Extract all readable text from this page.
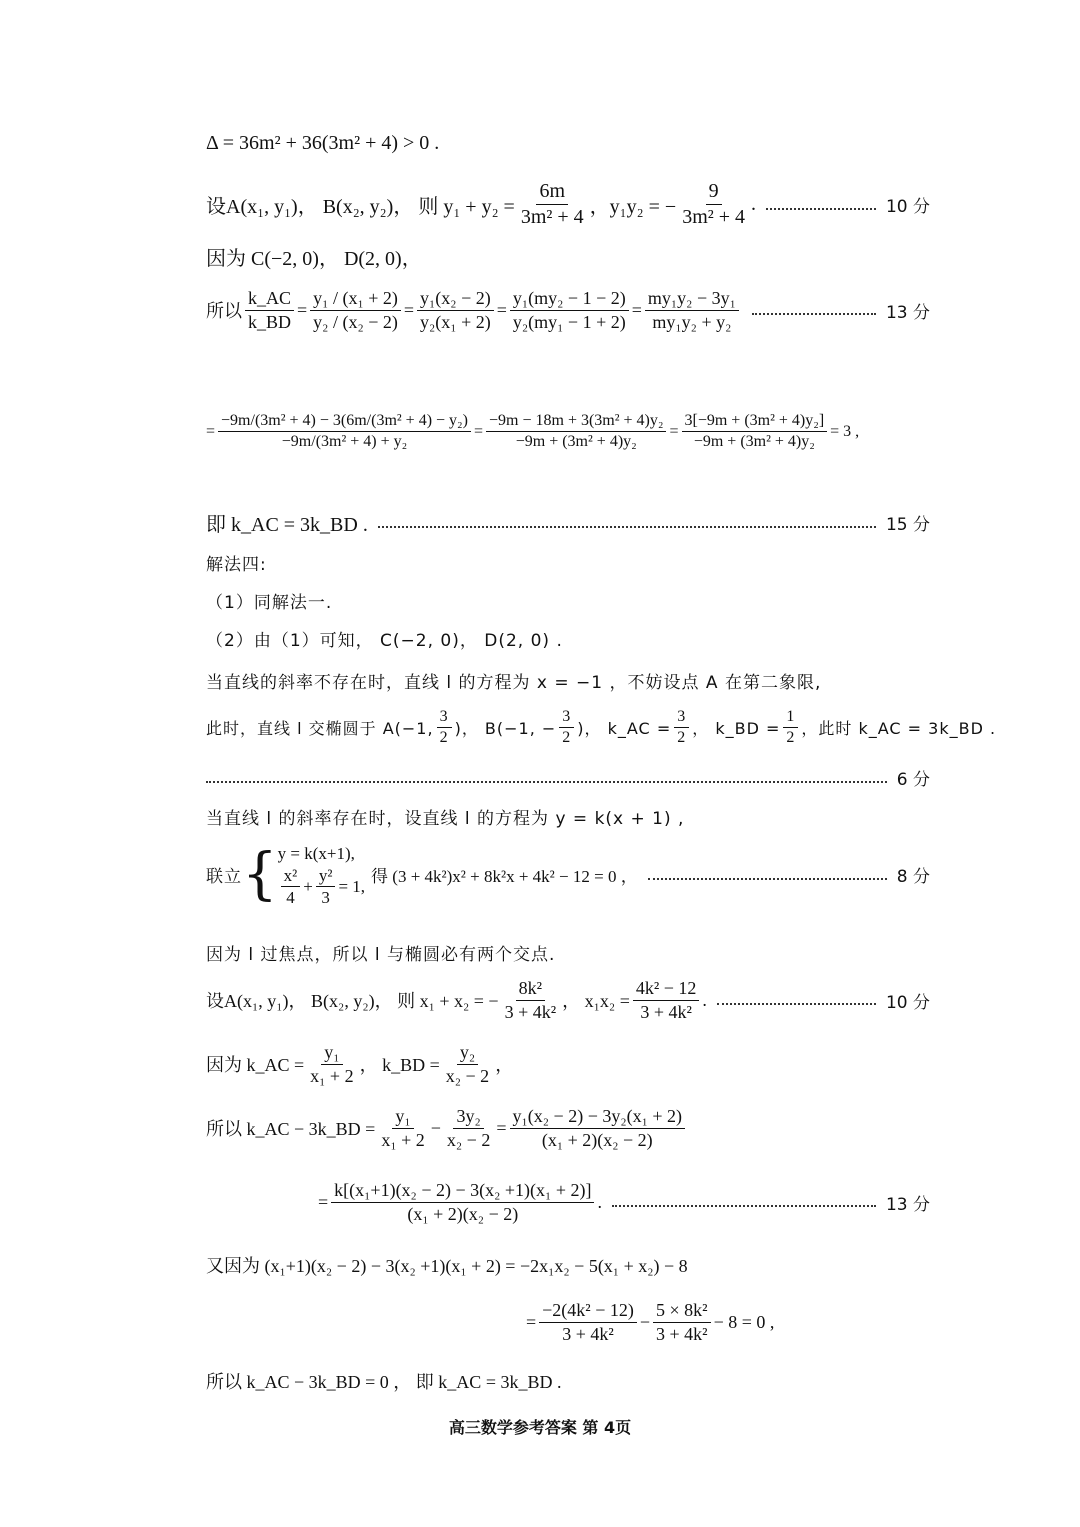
Δ = 36m² + 36(3m² + 4) > 0 .
设A(x₁, y₁)， B(x₂, y₂)， 则 $y_1 + y_2 = \frac{6m}{\text{3m² + 4}}$ ，y₁y₂ = − $\frac{9}{\text{3m² + 4}}$ .	10 分
因为 C(−2, 0)， D(2, 0)，
所以 $\frac{k\_AC}{k\_BD} = \frac{\text{y₁ / (x₁ + 2)}}{\text{y₂ / (x₂ − 2)}} = \frac{\text{y₁(x₂ − 2)}}{\text{y₂(x₁ + 2)}} = \frac{\text{y₁(my₂ − 1 − 2)}}{\text{y₂(my₁ − 1 + 2)}} = \frac{\text{my₁y₂ − 3y₁}}{\text{my₁y₂ + y₂}}$	13 分
= $\frac{\text{−9m/(3m² + 4) − 3(6m/(3m² + 4) − y₂)}}{\text{−9m/(3m² + 4) + y₂}} = \frac{\text{−9m − 18m + 3(3m² + 4)y₂}}{\text{−9m + (3m² + 4)y₂}} = \frac{\text{3[−9m + (3m² + 4)y₂]}}{\text{−9m + (3m² + 4)y₂}} = 3$ ,
即 k_AC = 3k_BD .	15 分
解法四:
（1）同解法一.
（2）由（1）可知， C(−2, 0)， D(2, 0) .
当直线的斜率不存在时，直线 l 的方程为 x = −1 ，不妨设点 A 在第二象限,
此时，直线 l 交椭圆于 A(−1, $\frac{3}{2}$ )， B(−1, − $\frac{3}{2}$ )， k_AC = $\frac{3}{2}$ ， k_BD = $\frac{1}{2}$ ，此时 k_AC = 3k_BD .
6 分
当直线 l 的斜率存在时，设直线 l 的方程为 y = k(x + 1) ,
联立 { y = k(x+1),
$\frac{\text{x²}}{4} + \frac{\text{y²}}{3} = 1$, 得 (3 + 4k²)x² + 8k²x + 4k² − 12 = 0 ，	8 分
因为 l 过焦点，所以 l 与椭圆必有两个交点.
设A(x₁, y₁)， B(x₂, y₂)， 则 x₁ + x₂ = − $\frac{\text{8k²}}{\text{3 + 4k²}}$ ， $x_1x_2 = \frac{\text{4k² − 12}}{\text{3 + 4k²}}$ .	10 分
因为 k_AC = $\frac{\text{y₁}}{\text{x₁ + 2}}$ ， k_BD = $\frac{\text{y₂}}{\text{x₂ − 2}}$ ，
所以 k_AC − 3k_BD = $\frac{\text{y₁}}{\text{x₁ + 2}} - \frac{\text{3y₂}}{\text{x₂ − 2}} = \frac{\text{y₁(x₂ − 2) − 3y₂(x₁ + 2)}}{\text{(x₁ + 2)(x₂ − 2)}}$
= $\frac{\text{k[(x₁+1)(x₂ − 2) − 3(x₂ +1)(x₁ + 2)]}}{\text{(x₁ + 2)(x₂ − 2)}}$ .	13 分
又因为 (x₁+1)(x₂ − 2) − 3(x₂ +1)(x₁ + 2) = −2x₁x₂ − 5(x₁ + x₂) − 8
= $\frac{\text{−2(4k² − 12)}}{\text{3 + 4k²}} - \frac{\text{5 × 8k²}}{\text{3 + 4k²}} - 8 = 0$ ,
所以 k_AC − 3k_BD = 0 ， 即 k_AC = 3k_BD .
高三数学参考答案 第 4页
